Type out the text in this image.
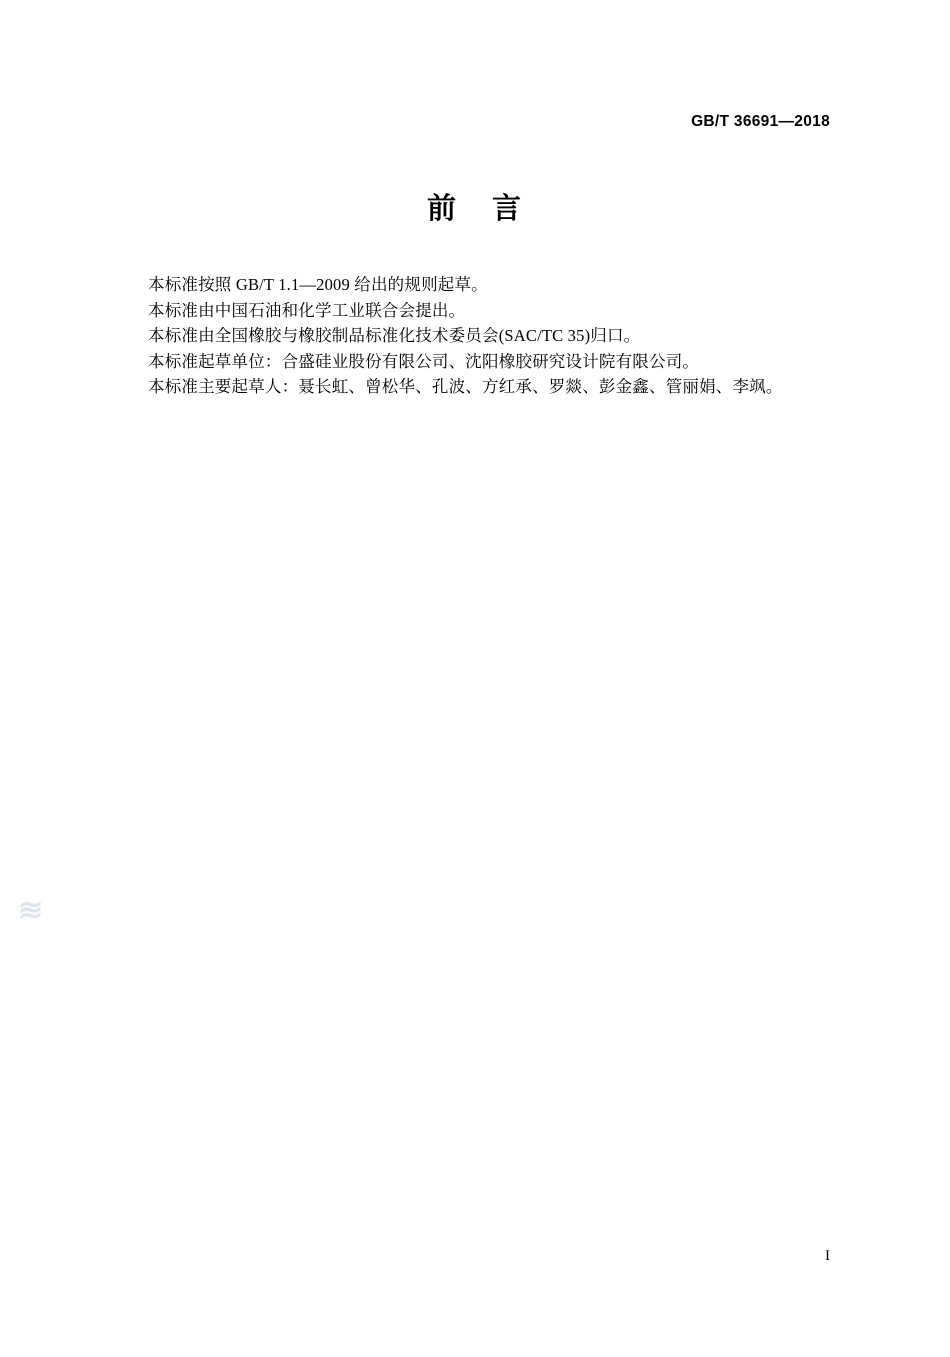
GB/T 36691—2018
前 言
本标准按照 GB/T 1.1—2009 给出的规则起草。
本标准由中国石油和化学工业联合会提出。
本标准由全国橡胶与橡胶制品标准化技术委员会(SAC/TC 35)归口。
本标准起草单位：合盛硅业股份有限公司、沈阳橡胶研究设计院有限公司。
本标准主要起草人：聂长虹、曾松华、孔波、方红承、罗燚、彭金鑫、管丽娟、李飒。
≋
I
